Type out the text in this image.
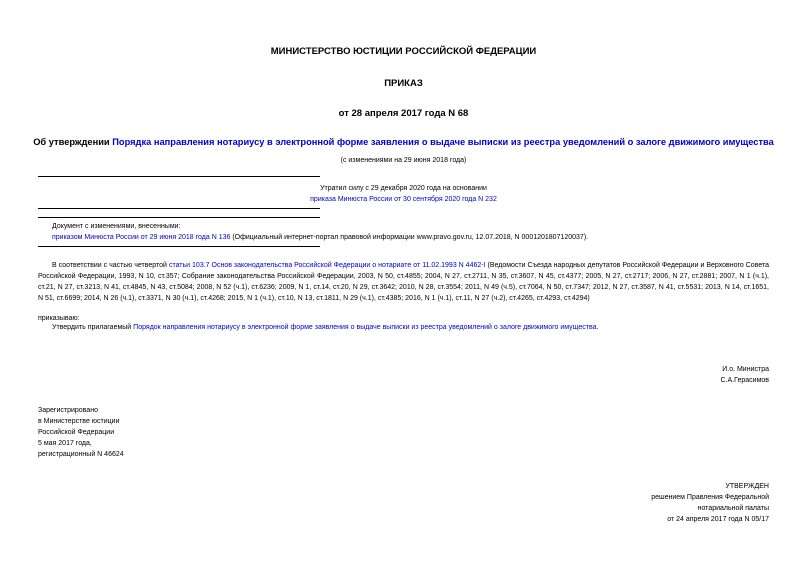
МИНИСТЕРСТВО ЮСТИЦИИ РОССИЙСКОЙ ФЕДЕРАЦИИ
ПРИКАЗ
от 28 апреля 2017 года N 68
Об утверждении Порядка направления нотариусу в электронной форме заявления о выдаче выписки из реестра уведомлений о залоге движимого имущества
(с изменениями на 29 июня 2018 года)
Утратил силу с 29 декабря 2020 года на основании
приказа Минюста России от 30 сентября 2020 года N 232
Документ с изменениями, внесенными:
приказом Минюста России от 29 июня 2018 года N 136 (Официальный интернет-портал правовой информации www.pravo.gov.ru, 12.07.2018, N 0001201807120037).
В соответствии с частью четвертой статьи 103.7 Основ законодательства Российской Федерации о нотариате от 11.02.1993 N 4462-I (Ведомости Съезда народных депутатов Российской Федерации и Верховного Совета Российской Федерации, 1993, N 10, ст.357; Собрание законодательства Российской Федерации, 2003, N 50, ст.4855; 2004, N 27, ст.2711, N 35, ст.3607, N 45, ст.4377; 2005, N 27, ст.2717; 2006, N 27, ст.2881; 2007, N 1 (ч.1), ст.21, N 27, ст.3213, N 41, ст.4845, N 43, ст.5084; 2008, N 52 (ч.1), ст.6236; 2009, N 1, ст.14, ст.20, N 29, ст.3642; 2010, N 28, ст.3554; 2011, N 49 (ч.5), ст.7064, N 50, ст.7347; 2012, N 27, ст.3587, N 41, ст.5531; 2013, N 14, ст.1651, N 51, ст.6699; 2014, N 26 (ч.1), ст.3371, N 30 (ч.1), ст.4268; 2015, N 1 (ч.1), ст.10, N 13, ст.1811, N 29 (ч.1), ст.4385; 2016, N 1 (ч.1), ст.11, N 27 (ч.2), ст.4265, ст.4293, ст.4294)
приказываю:
Утвердить прилагаемый Порядок направления нотариусу в электронной форме заявления о выдаче выписки из реестра уведомлений о залоге движимого имущества.
И.о. Министра
С.А.Герасимов
Зарегистрировано
в Министерстве юстиции
Российской Федерации
5 мая 2017 года,
регистрационный N 46624
УТВЕРЖДЕН
решением Правления Федеральной
нотариальной палаты
от 24 апреля 2017 года N 05/17
